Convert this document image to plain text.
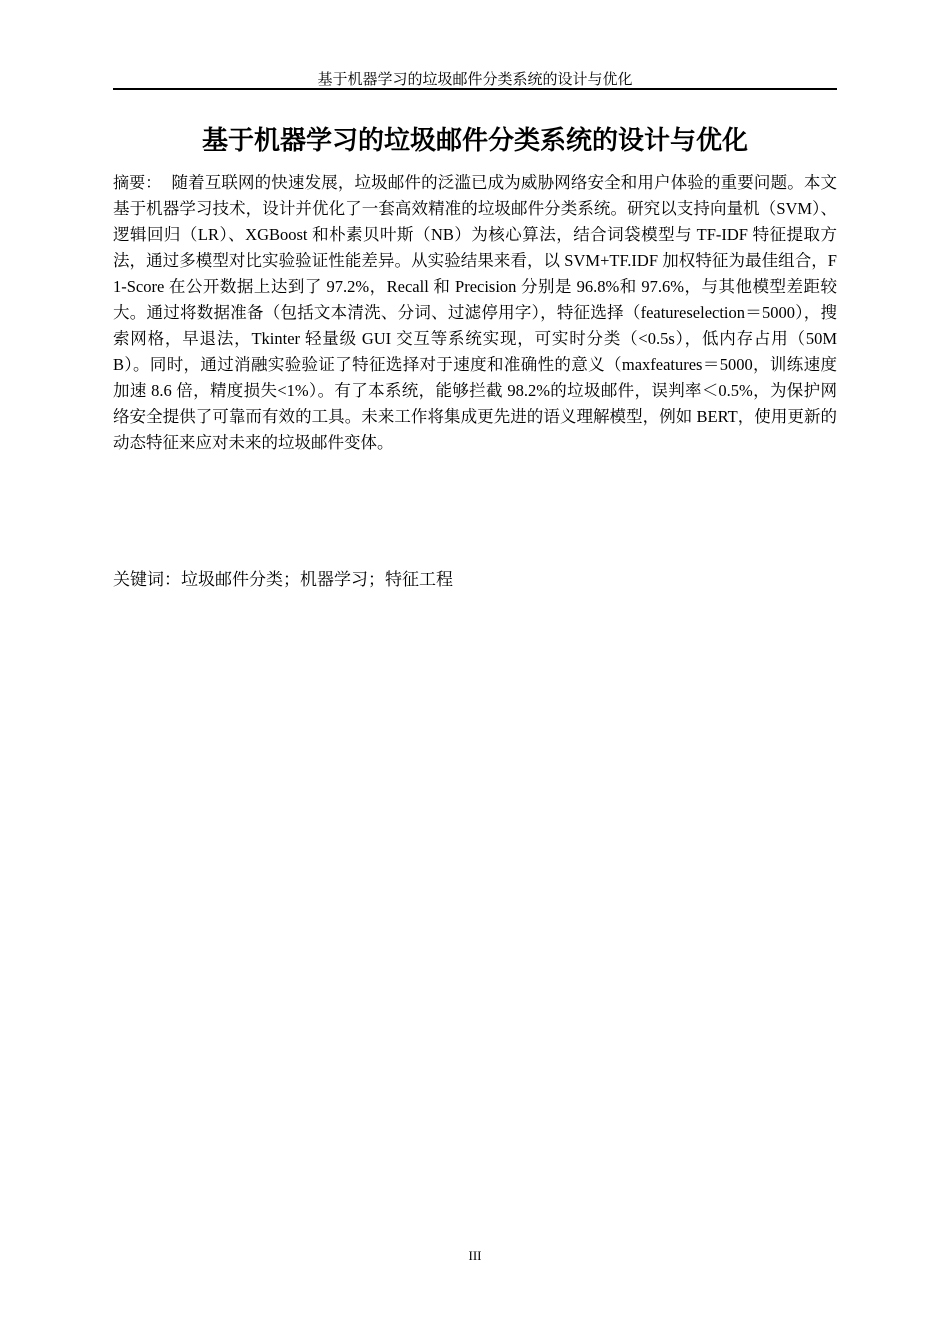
基于机器学习的垃圾邮件分类系统的设计与优化
基于机器学习的垃圾邮件分类系统的设计与优化

摘要： 随着互联网的快速发展，垃圾邮件的泛滥已成为威胁网络安全和用户体验的重要问题。本文基于机器学习技术，设计并优化了一套高效精准的垃圾邮件分类系统。研究以支持向量机（SVM）、逻辑回归（LR）、XGBoost 和朴素贝叶斯（NB）为核心算法，结合词袋模型与 TF-IDF 特征提取方法，通过多模型对比实验验证性能差异。从实验结果来看，以 SVM+TF.IDF 加权特征为最佳组合，F1-Score 在公开数据上达到了 97.2%，Recall 和 Precision 分别是 96.8%和 97.6%，与其他模型差距较大。通过将数据准备（包括文本清洗、分词、过滤停用字），特征选择（featureselection＝5000），搜索网格，早退法，Tkinter 轻量级 GUI 交互等系统实现，可实时分类（<0.5s），低内存占用（50MB）。同时，通过消融实验验证了特征选择对于速度和准确性的意义（maxfeatures＝5000，训练速度加速 8.6 倍，精度损失<1%）。有了本系统，能够拦截 98.2%的垃圾邮件，误判率＜0.5%，为保护网络安全提供了可靠而有效的工具。未来工作将集成更先进的语义理解模型，例如 BERT，使用更新的动态特征来应对未来的垃圾邮件变体。

关键词：垃圾邮件分类；机器学习；特征工程

III
